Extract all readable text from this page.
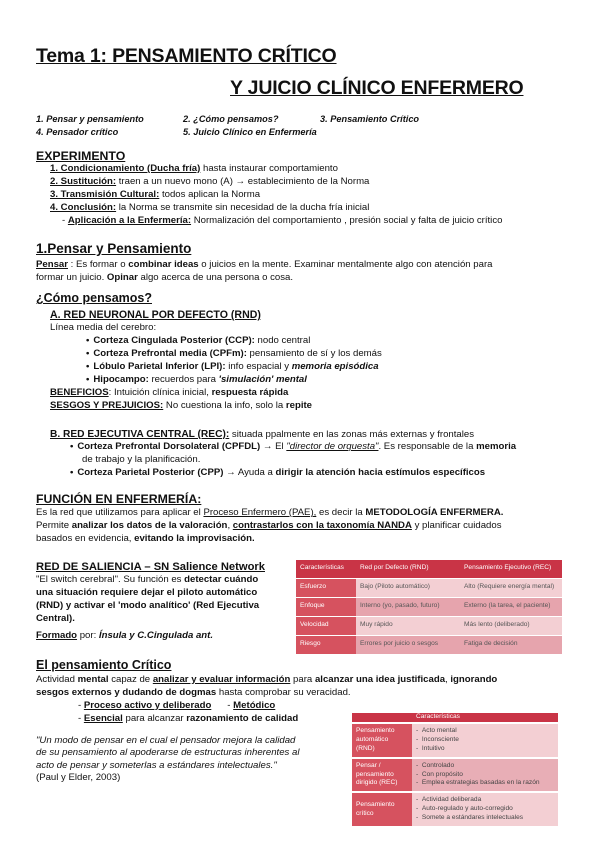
Tema 1: PENSAMIENTO CRÍTICO
Y JUICIO CLÍNICO ENFERMERO
1. Pensar y pensamiento	2. ¿Cómo pensamos?	3. Pensamiento Crítico
4. Pensador crítico	5. Juicio Clínico en Enfermería
EXPERIMENTO
1. Condicionamiento (Ducha fría) hasta instaurar comportamiento
2. Sustitución: traen a un nuevo mono (A) → establecimiento de la Norma
3. Transmisión Cultural: todos aplican la Norma
4. Conclusión: la Norma se transmite sin necesidad de la ducha fría inicial
- Aplicación a la Enfermería: Normalización del comportamiento , presión social y falta de juicio crítico
1.Pensar y Pensamiento
Pensar : Es formar o combinar ideas o juicios en la mente. Examinar mentalmente algo con atención para
formar un juicio. Opinar algo acerca de una persona o cosa.
¿Cómo pensamos?
A. RED NEURONAL POR DEFECTO (RND)
Línea media del cerebro:
• Corteza Cingulada Posterior (CCP): nodo central
• Corteza Prefrontal media (CPFm): pensamiento de sí y los demás
• Lóbulo Parietal Inferior (LPI): info espacial y memoria episódica
• Hipocampo: recuerdos para 'simulación' mental
BENEFICIOS: Intuición clínica inicial, respuesta rápida
SESGOS Y PREJUICIOS: No cuestiona la info, solo la repite
B. RED EJECUTIVA CENTRAL (REC): situada ppalmente en las zonas más externas y frontales
• Corteza Prefrontal Dorsolateral (CPFDL) → El "director de orquesta". Es responsable de la memoria
de trabajo y la planificación.
• Corteza Parietal Posterior (CPP) → Ayuda a dirigir la atención hacia estímulos específicos
FUNCIÓN EN ENFERMERÍA:
Es la red que utilizamos para aplicar el Proceso Enfermero (PAE), es decir la METODOLOGÍA ENFERMERA.
Permite analizar los datos de la valoración, contrastarlos con la taxonomía NANDA y planificar cuidados
basados en evidencia, evitando la improvisación.
RED DE SALIENCIA – SN Salience Network
"El switch cerebral". Su función es detectar cuándo
una situación requiere dejar el piloto automático
(RND) y activar el 'modo analítico' (Red Ejecutiva
Central).
Formado por: Ínsula y C.Cingulada ant.
Características	Red por Defecto (RND)	Pensamiento Ejecutivo (REC)
Esfuerzo	Bajo (Piloto automático)	Alto (Requiere energía mental)
Enfoque	Interno (yo, pasado, futuro)	Externo (la tarea, el paciente)
Velocidad	Muy rápido	Más lento (deliberado)
Riesgo	Errores por juicio o sesgos	Fatiga de decisión
El pensamiento Crítico
Actividad mental capaz de analizar y evaluar información para alcanzar una idea justificada, ignorando
sesgos externos y dudando de dogmas hasta comprobar su veracidad.
- Proceso activo y deliberado      - Metódico
- Esencial para alcanzar razonamiento de calidad
"Un modo de pensar en el cual el pensador mejora la calidad
de su pensamiento al apoderarse de estructuras inherentes al
acto de pensar y someterlas a estándares intelectuales."
(Paul y Elder, 2003)
	Características
Pensamiento automático (RND)	-  Acto mental
-  Inconsciente
-  Intuitivo

Pensar / pensamiento dirigido (REC)	-  Controlado
-  Con propósito
-  Emplea estrategias basadas en la razón

Pensamiento crítico	-  Actividad deliberada
-  Auto-regulado y auto-corregido
-  Somete a estándares intelectuales
